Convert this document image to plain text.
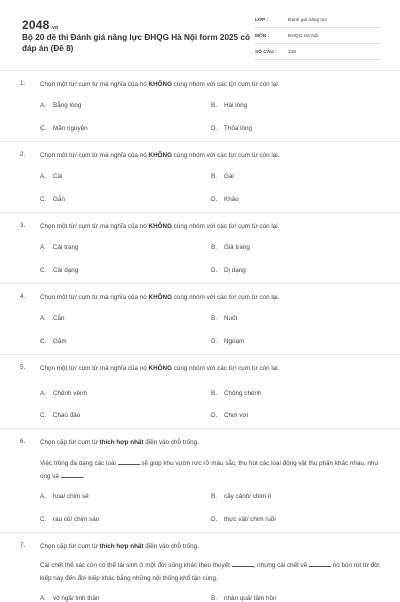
2048.vn
Bộ 20 đề thi Đánh giá năng lực ĐHQG Hà Nội form 2025 có đáp án (Đề 8)
LỚP :	Đánh giá năng lực
MÔN :	ĐHQG Hà Nội
SỐ CÂU : 236
1. Chọn một từ/ cụm từ mà nghĩa của nó KHÔNG cùng nhóm với các từ/ cụm từ còn lại.
A. Bằng lòng	B. Hài lòng
C. Mãn nguyện	D. Thỏa lòng
2. Chọn một từ/ cụm từ mà nghĩa của nó KHÔNG cùng nhóm với các từ/ cụm từ còn lại.
A. Cài	B. Gài
C. Gắn	D. Khâu
3. Chọn một từ/ cụm từ mà nghĩa của nó KHÔNG cùng nhóm với các từ/ cụm từ còn lại.
A. Cải trang	B. Giả trang
C. Cải dạng	D. Dị dạng
4. Chọn một từ/ cụm từ mà nghĩa của nó KHÔNG cùng nhóm với các từ/ cụm từ còn lại.
A. Cắn	B. Nuốt
C. Gặm	D. Ngoạm
5. Chọn một từ/ cụm từ mà nghĩa của nó KHÔNG cùng nhóm với các từ/ cụm từ còn lại.
A. Chênh vênh	B. Chông chênh
C. Chao đảo	D. Chơi vơi
6. Chọn cặp từ/ cụm từ thích hợp nhất điền vào chỗ trống.
Việc trồng đa dạng các loài	sẽ giúp khu vườn rực rỡ màu sắc, thu hút các loại động vật thụ phấn khác nhau, như ong và	.
A. hoa/ chim sẻ	B. cây cảnh/ chim ri
C. rau củ/ chim sáo	D. thực vật/ chim ruồi
7. Chọn cặp từ/ cụm từ thích hợp nhất điền vào chỗ trống.
Cái chết thể xác còn có thể tái sinh ở một đời sống khác theo thuyết	, nhưng cái chết về	nó bòn rút từ đời kiếp này đến đời kiếp khác bằng những nội thống khổ tận cùng.
A. vô ngã/ tinh thần	B. nhân quả/ tâm hồn
